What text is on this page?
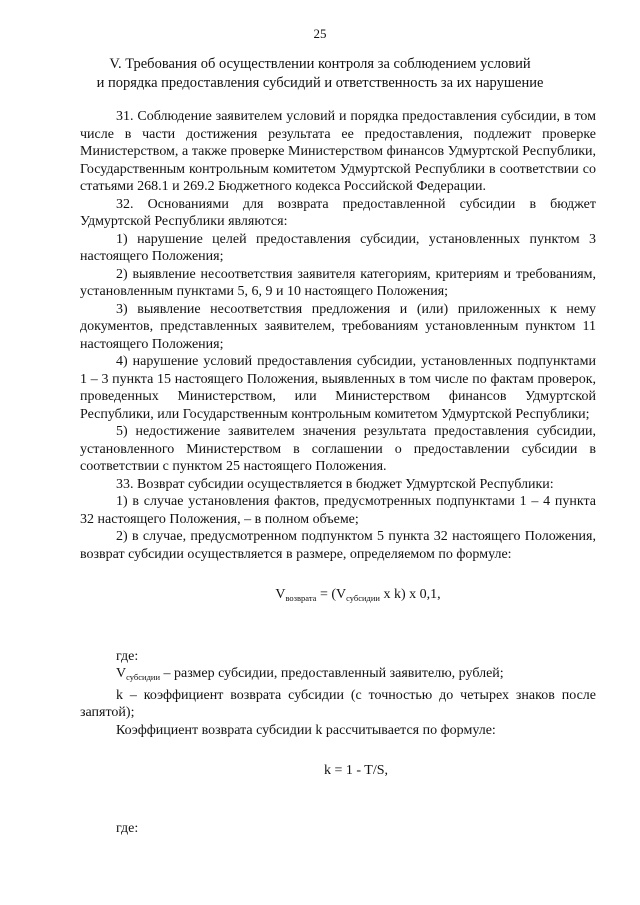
25
V. Требования об осуществлении контроля за соблюдением условий
и порядка предоставления субсидий и ответственность за их нарушение

31. Соблюдение заявителем условий и порядка предоставления субсидии, в том числе в части достижения результата ее предоставления, подлежит проверке Министерством, а также проверке Министерством финансов Удмуртской Республики, Государственным контрольным комитетом Удмуртской Республики в соответствии со статьями 268.1 и 269.2 Бюджетного кодекса Российской Федерации.

32. Основаниями для возврата предоставленной субсидии в бюджет Удмуртской Республики являются:

1) нарушение целей предоставления субсидии, установленных пунктом 3 настоящего Положения;

2) выявление несоответствия заявителя категориям, критериям и требованиям, установленным пунктами 5, 6, 9 и 10 настоящего Положения;

3) выявление несоответствия предложения и (или) приложенных к нему документов, представленных заявителем, требованиям установленным пунктом 11 настоящего Положения;

4) нарушение условий предоставления субсидии, установленных подпунктами 1 – 3 пункта 15 настоящего Положения, выявленных в том числе по фактам проверок, проведенных Министерством, или Министерством финансов Удмуртской Республики, или Государственным контрольным комитетом Удмуртской Республики;

5) недостижение заявителем значения результата предоставления субсидии, установленного Министерством в соглашении о предоставлении субсидии в соответствии с пунктом 25 настоящего Положения.

33. Возврат субсидии осуществляется в бюджет Удмуртской Республики:

1) в случае установления фактов, предусмотренных подпунктами 1 – 4 пункта 32 настоящего Положения, – в полном объеме;

2) в случае, предусмотренном подпунктом 5 пункта 32 настоящего Положения, возврат субсидии осуществляется в размере, определяемом по формуле:

$V_{возврата} = (V_{субсидии}$ x k) x 0,1,

где:

$V_{субсидии}$ – размер субсидии, предоставленный заявителю, рублей;

k – коэффициент возврата субсидии (с точностью до четырех знаков после запятой);

Коэффициент возврата субсидии k рассчитывается по формуле:

k = 1 - T/S,

где:
